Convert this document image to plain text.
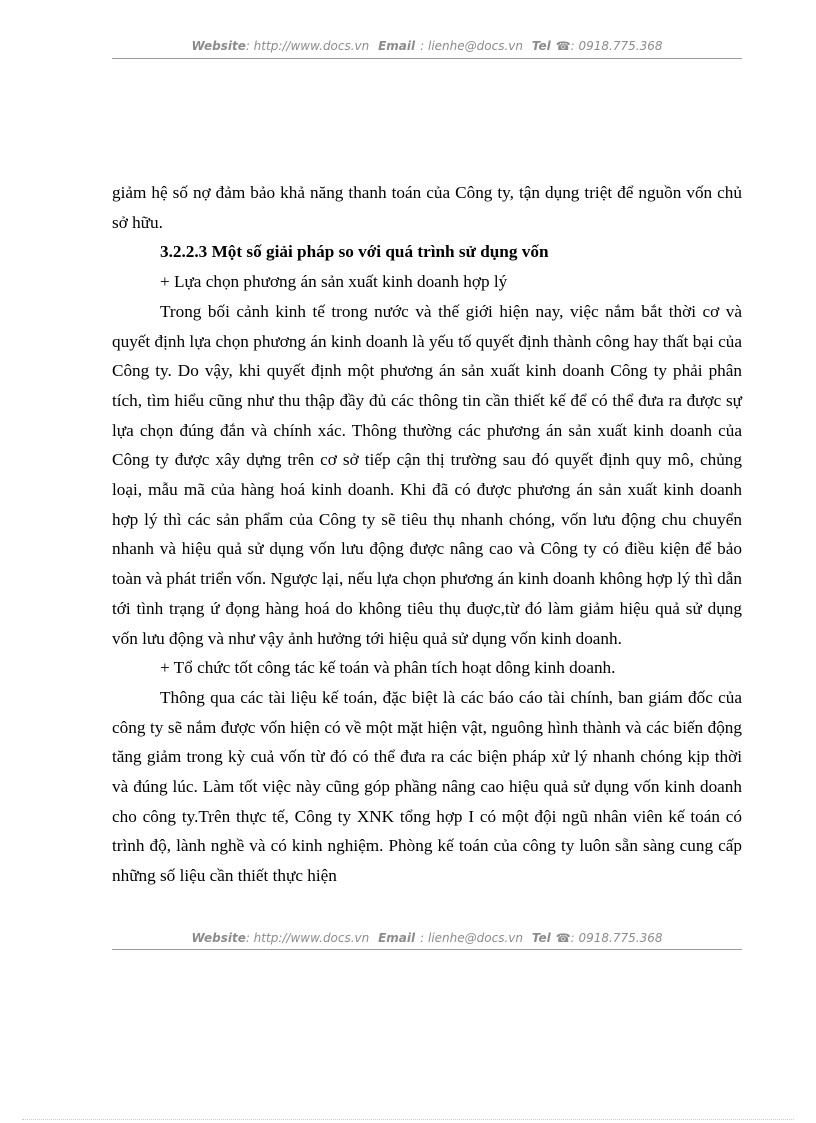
Website: http://www.docs.vn Email : lienhe@docs.vn Tel ☎: 0918.775.368

giảm hệ số nợ đảm bảo khả năng thanh toán của Công ty, tận dụng triệt để nguồn vốn chủ sở hữu.

3.2.2.3 Một số giải pháp so với quá trình sử dụng vốn

+ Lựa chọn phương án sản xuất kinh doanh hợp lý

Trong bối cảnh kinh tế trong nước và thế giới hiện nay, việc nắm bắt thời cơ và quyết định lựa chọn phương án kinh doanh là yếu tố quyết định thành công hay thất bại của Công ty. Do vậy, khi quyết định một phương án sản xuất kinh doanh Công ty phải phân tích, tìm hiểu cũng như thu thập đầy đủ các thông tin cần thiết kế để có thể đưa ra được sự lựa chọn đúng đắn và chính xác. Thông thường các phương án sản xuất kinh doanh của Công ty được xây dựng trên cơ sở tiếp cận thị trường sau đó quyết định quy mô, chủng loại, mẫu mã của hàng hoá kinh doanh. Khi đã có được phương án sản xuất kinh doanh hợp lý thì các sản phẩm của Công ty sẽ tiêu thụ nhanh chóng, vốn lưu động chu chuyển nhanh và hiệu quả sử dụng vốn lưu động được nâng cao và Công ty có điều kiện để bảo toàn và phát triển vốn. Ngược lại, nếu lựa chọn phương án kinh doanh không hợp lý thì dẫn tới tình trạng ứ đọng hàng hoá do không tiêu thụ đuợc,từ đó làm giảm hiệu quả sử dụng vốn lưu động và như vậy ảnh hưởng tới hiệu quả sử dụng vốn kinh doanh.

+ Tổ chức tốt công tác kế toán và phân tích hoạt dông kinh doanh.

Thông qua các tài liệu kế toán, đặc biệt là các báo cáo tài chính, ban giám đốc của công ty sẽ nắm được vốn hiện có về một mặt hiện vật, nguông hình thành và các biến động tăng giảm trong kỳ cuả vốn từ đó có thể đưa ra các biện pháp xử lý nhanh chóng kịp thời và đúng lúc. Làm tốt việc này cũng góp phầng nâng cao hiệu quả sử dụng vốn kinh doanh cho công ty.Trên thực tế, Công ty XNK tổng hợp I có một đội ngũ nhân viên kế toán có trình độ, lành nghề và có kinh nghiệm. Phòng kế toán của công ty luôn sẵn sàng cung cấp những số liệu cần thiết thực hiện

Website: http://www.docs.vn Email : lienhe@docs.vn Tel ☎: 0918.775.368
